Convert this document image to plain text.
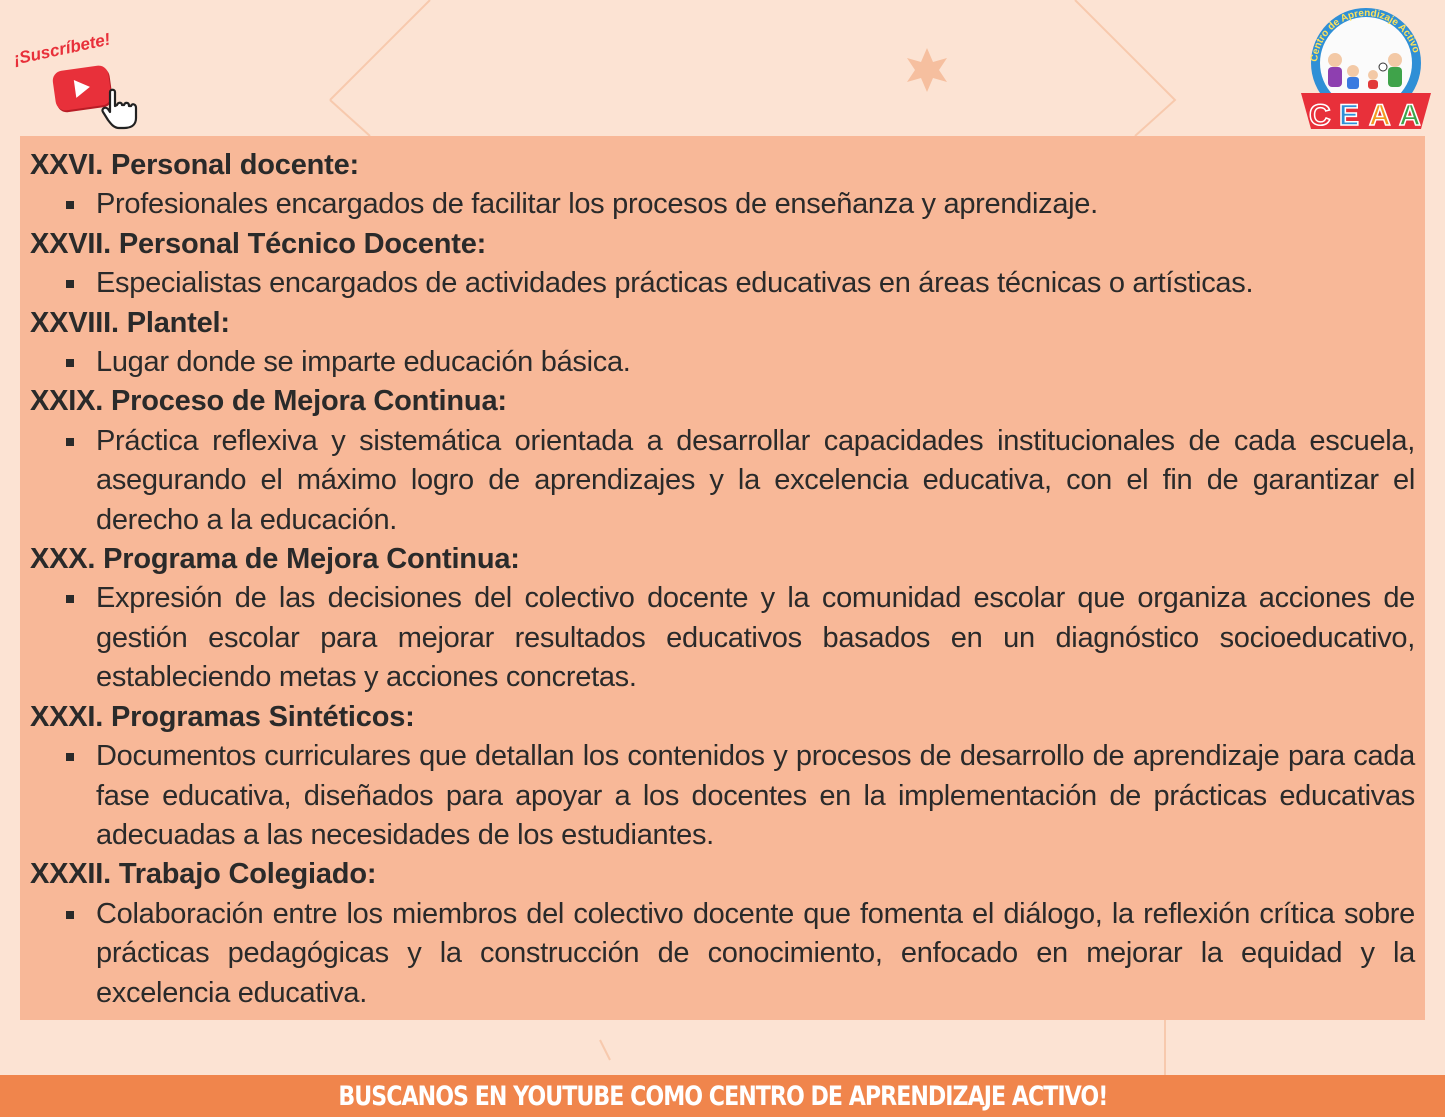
¡Suscríbete!	Centro de Aprendizaje Activo
C E A A

XXVI. Personal docente:

Profesionales encargados de facilitar los procesos de enseñanza y aprendizaje.

XXVII. Personal Técnico Docente:

Especialistas encargados de actividades prácticas educativas en áreas técnicas o artísticas.

XXVIII. Plantel:

Lugar donde se imparte educación básica.

XXIX. Proceso de Mejora Continua:

Práctica reflexiva y sistemática orientada a desarrollar capacidades institucionales de cada escuela, asegurando el máximo logro de aprendizajes y la excelencia educativa, con el fin de garantizar el derecho a la educación.

XXX. Programa de Mejora Continua:

Expresión de las decisiones del colectivo docente y la comunidad escolar que organiza acciones de gestión escolar para mejorar resultados educativos basados en un diagnóstico socioeducativo, estableciendo metas y acciones concretas.

XXXI. Programas Sintéticos:

Documentos curriculares que detallan los contenidos y procesos de desarrollo de aprendizaje para cada fase educativa, diseñados para apoyar a los docentes en la implementación de prácticas educativas adecuadas a las necesidades de los estudiantes.

XXXII. Trabajo Colegiado:

Colaboración entre los miembros del colectivo docente que fomenta el diálogo, la reflexión crítica sobre prácticas pedagógicas y la construcción de conocimiento, enfocado en mejorar la equidad y la excelencia educativa.

BUSCANOS EN YOUTUBE COMO CENTRO DE APRENDIZAJE ACTIVO!
